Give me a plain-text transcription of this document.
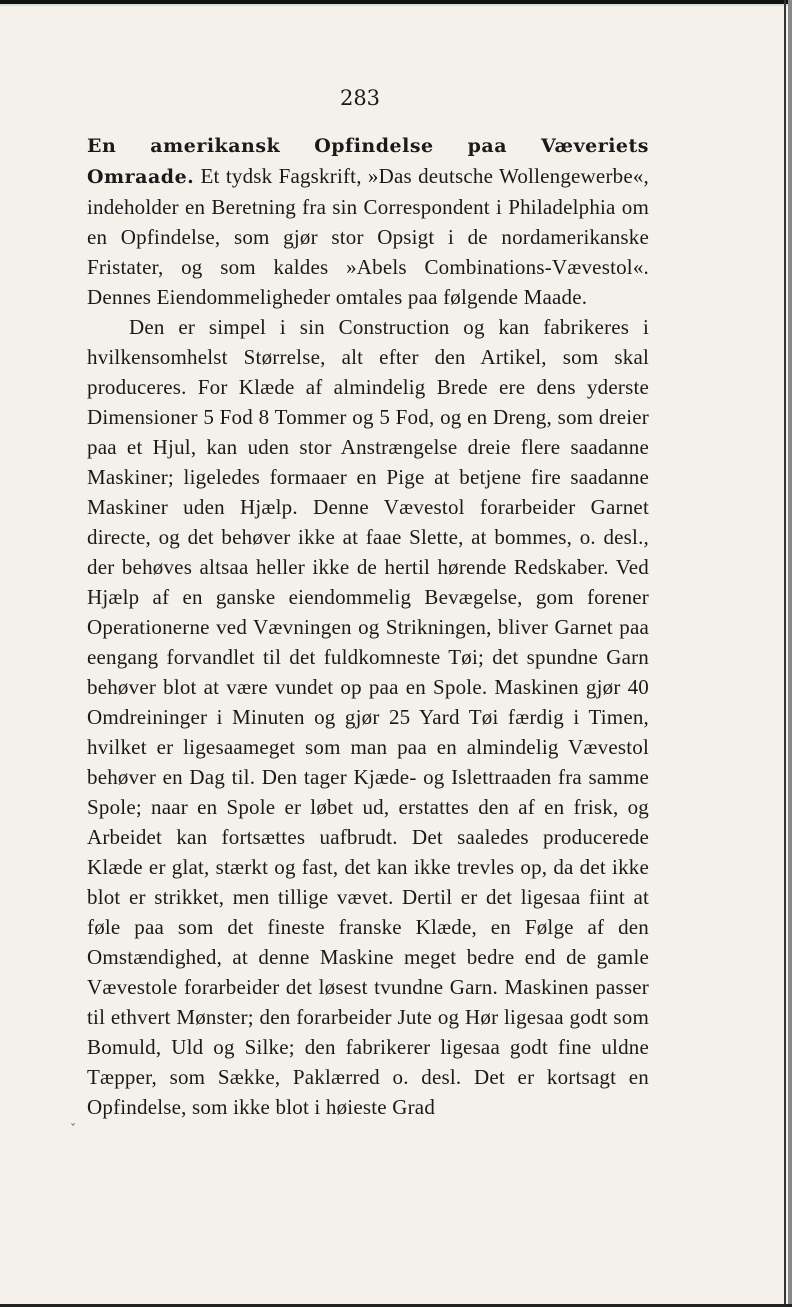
283

En amerikansk Opfindelse paa Væveriets Omraade. Et tydsk Fagskrift, »Das deutsche Wollengewerbe«, indeholder en Beretning fra sin Correspondent i Philadelphia om en Opfindelse, som gjør stor Opsigt i de nordamerikanske Fristater, og som kaldes »Abels Combinations-Vævestol«. Dennes Eiendommeligheder omtales paa følgende Maade.

Den er simpel i sin Construction og kan fabrikeres i hvilkensomhelst Størrelse, alt efter den Artikel, som skal produceres. For Klæde af almindelig Brede ere dens yderste Dimensioner 5 Fod 8 Tommer og 5 Fod, og en Dreng, som dreier paa et Hjul, kan uden stor Anstrængelse dreie flere saadanne Maskiner; ligeledes formaaer en Pige at betjene fire saadanne Maskiner uden Hjælp. Denne Vævestol forarbeider Garnet directe, og det behøver ikke at faae Slette, at bommes, o. desl., der behøves altsaa heller ikke de hertil hørende Redskaber. Ved Hjælp af en ganske eiendommelig Bevægelse, gom forener Operationerne ved Vævningen og Strikningen, bliver Garnet paa eengang forvandlet til det fuldkomneste Tøi; det spundne Garn behøver blot at være vundet op paa en Spole. Maskinen gjør 40 Omdreininger i Minuten og gjør 25 Yard Tøi færdig i Timen, hvilket er ligesaameget som man paa en almindelig Vævestol behøver en Dag til. Den tager Kjæde- og Islettraaden fra samme Spole; naar en Spole er løbet ud, erstattes den af en frisk, og Arbeidet kan fortsættes uafbrudt. Det saaledes producerede Klæde er glat, stærkt og fast, det kan ikke trevles op, da det ikke blot er strikket, men tillige vævet. Dertil er det ligesaa fiint at føle paa som det fineste franske Klæde, en Følge af den Omstændighed, at denne Maskine meget bedre end de gamle Vævestole forarbeider det løsest tvundne Garn. Maskinen passer til ethvert Mønster; den forarbeider Jute og Hør ligesaa godt som Bomuld, Uld og Silke; den fabrikerer ligesaa godt fine uldne Tæpper, som Sække, Paklærred o. desl. Det er kortsagt en Opfindelse, som ikke blot i høieste Grad

ˇ
